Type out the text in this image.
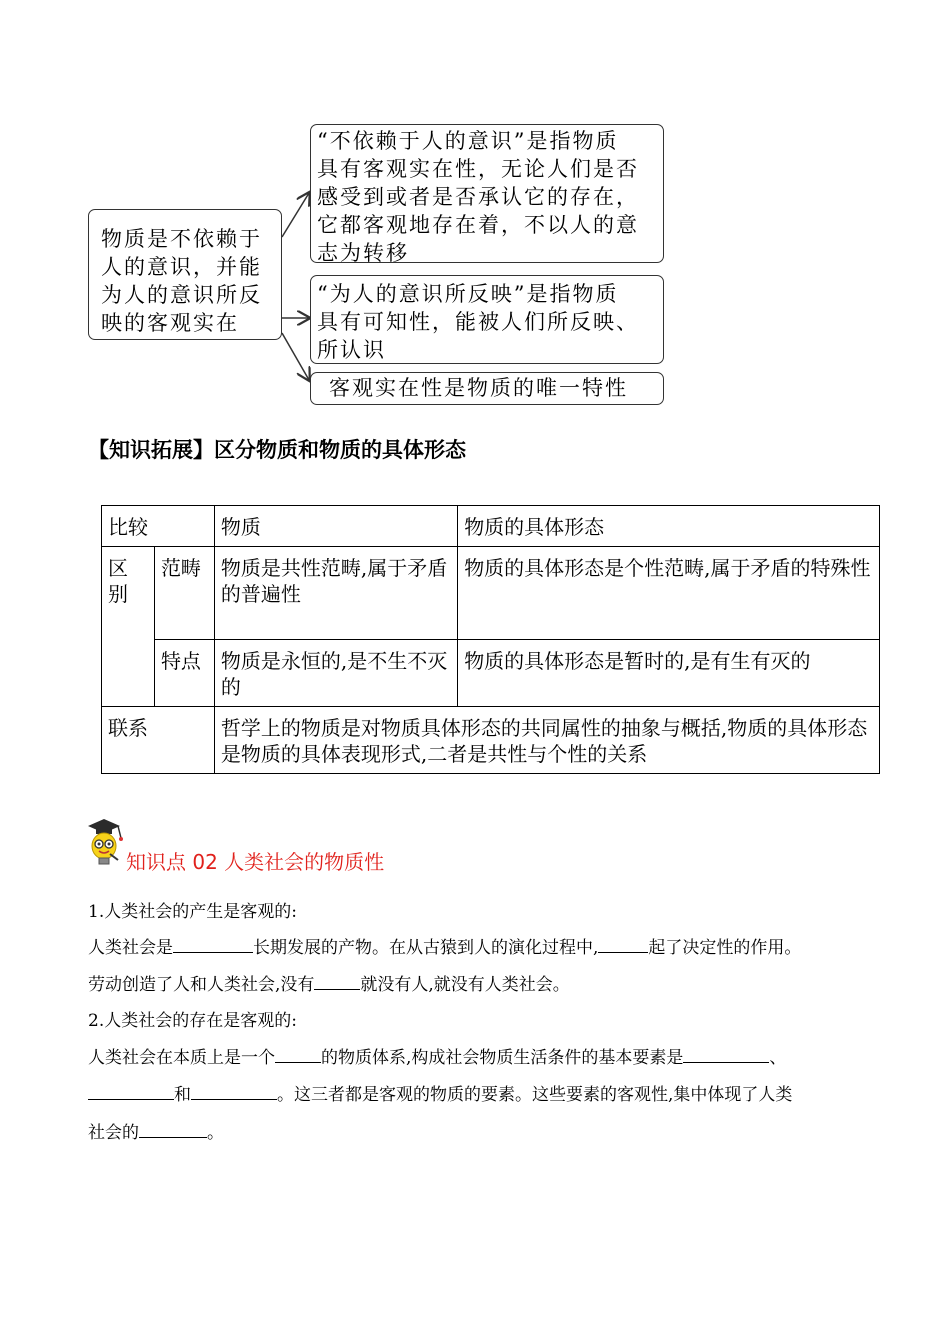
物质是不依赖于
人的意识，并能
为人的意识所反
映的客观实在
“不依赖于人的意识”是指物质
具有客观实在性，无论人们是否
感受到或者是否承认它的存在，
它都客观地存在着，不以人的意
志为转移
“为人的意识所反映”是指物质
具有可知性，能被人们所反映、
所认识
客观实在性是物质的唯一特性
【知识拓展】区分物质和物质的具体形态
比较		物质	物质的具体形态

区别	范畴	物质是共性范畴,属于矛盾的普遍性	物质的具体形态是个性范畴,属于矛盾的特殊性
	特点	物质是永恒的,是不生不灭的	物质的具体形态是暂时的,是有生有灭的
联系		哲学上的物质是对物质具体形态的共同属性的抽象与概括,物质的具体形态是物质的具体表现形式,二者是共性与个性的关系	
知识点 02 人类社会的物质性
1.人类社会的产生是客观的:
人类社会是	长期发展的产物。在从古猿到人的演化过程中,	起了决定性的作用。
劳动创造了人和人类社会,没有	就没有人,就没有人类社会。
2.人类社会的存在是客观的:
人类社会在本质上是一个	的物质体系,构成社会物质生活条件的基本要素是	、
和	。这三者都是客观的物质的要素。这些要素的客观性,集中体现了人类
社会的	。
